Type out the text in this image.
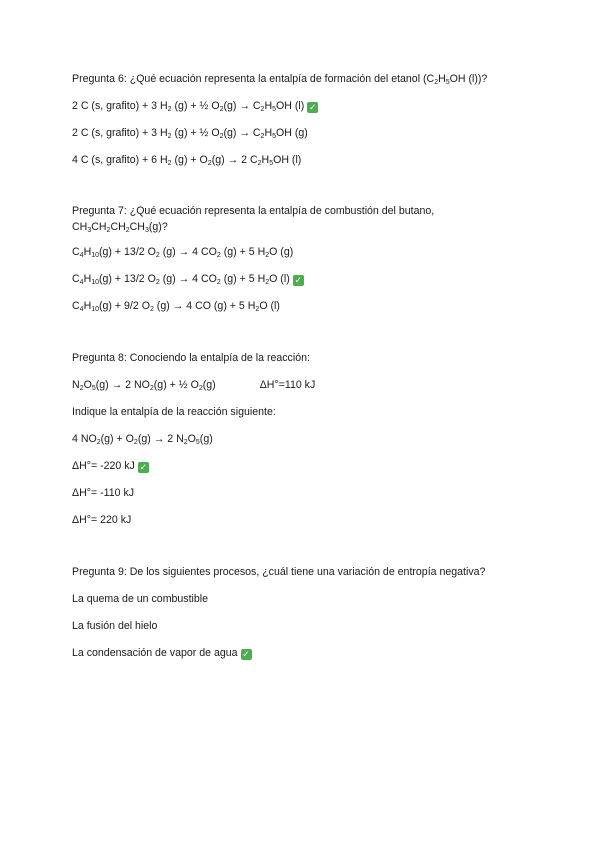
Pregunta 6: ¿Qué ecuación representa la entalpía de formación del etanol ($C_2H_5OH$ (l))?
2 C (s, grafito) + 3 $H_2$ (g) + ½ $O_2(g) \to C_2H_5OH$ (l) ✓
2 C (s, grafito) + 3 $H_2$ (g) + ½ $O_2(g) \to C_2H_5OH$ (g)
4 C (s, grafito) + 6 $H_2$ $(g) + O_2(g) \to 2$ $C_2H_5OH$ (l)
Pregunta 7: ¿Qué ecuación representa la entalpía de combustión del butano,
$CH_3CH_2CH_2CH_3(g)$?
$C_4H_{10}(g) + 13/2$ $O_2$ (g) → 4 $CO_2$ (g) + 5 $H_2O$ (g)
$C_4H_{10}(g) + 13/2$ $O_2$ (g) → 4 $CO_2$ (g) + 5 $H_2O$ (l) ✓
$C_4H_{10}(g) + 9/2$ $O_2$ (g) → 4 CO (g) + 5 $H_2O$ (l)
Pregunta 8: Conociendo la entalpía de la reacción:
$N_2O_5(g) \to 2$ $NO_2(g)$ + ½ $O_2(g)$	ΔH°=110 kJ
Indique la entalpía de la reacción siguiente:
4 $NO_2(g) + O_2(g) \to 2$ $N_2O_5(g)$
ΔH°= -220 kJ ✓
ΔH°= -110 kJ
ΔH°= 220 kJ
Pregunta 9: De los siguientes procesos, ¿cuál tiene una variación de entropía negativa?
La quema de un combustible
La fusión del hielo
La condensación de vapor de agua ✓
